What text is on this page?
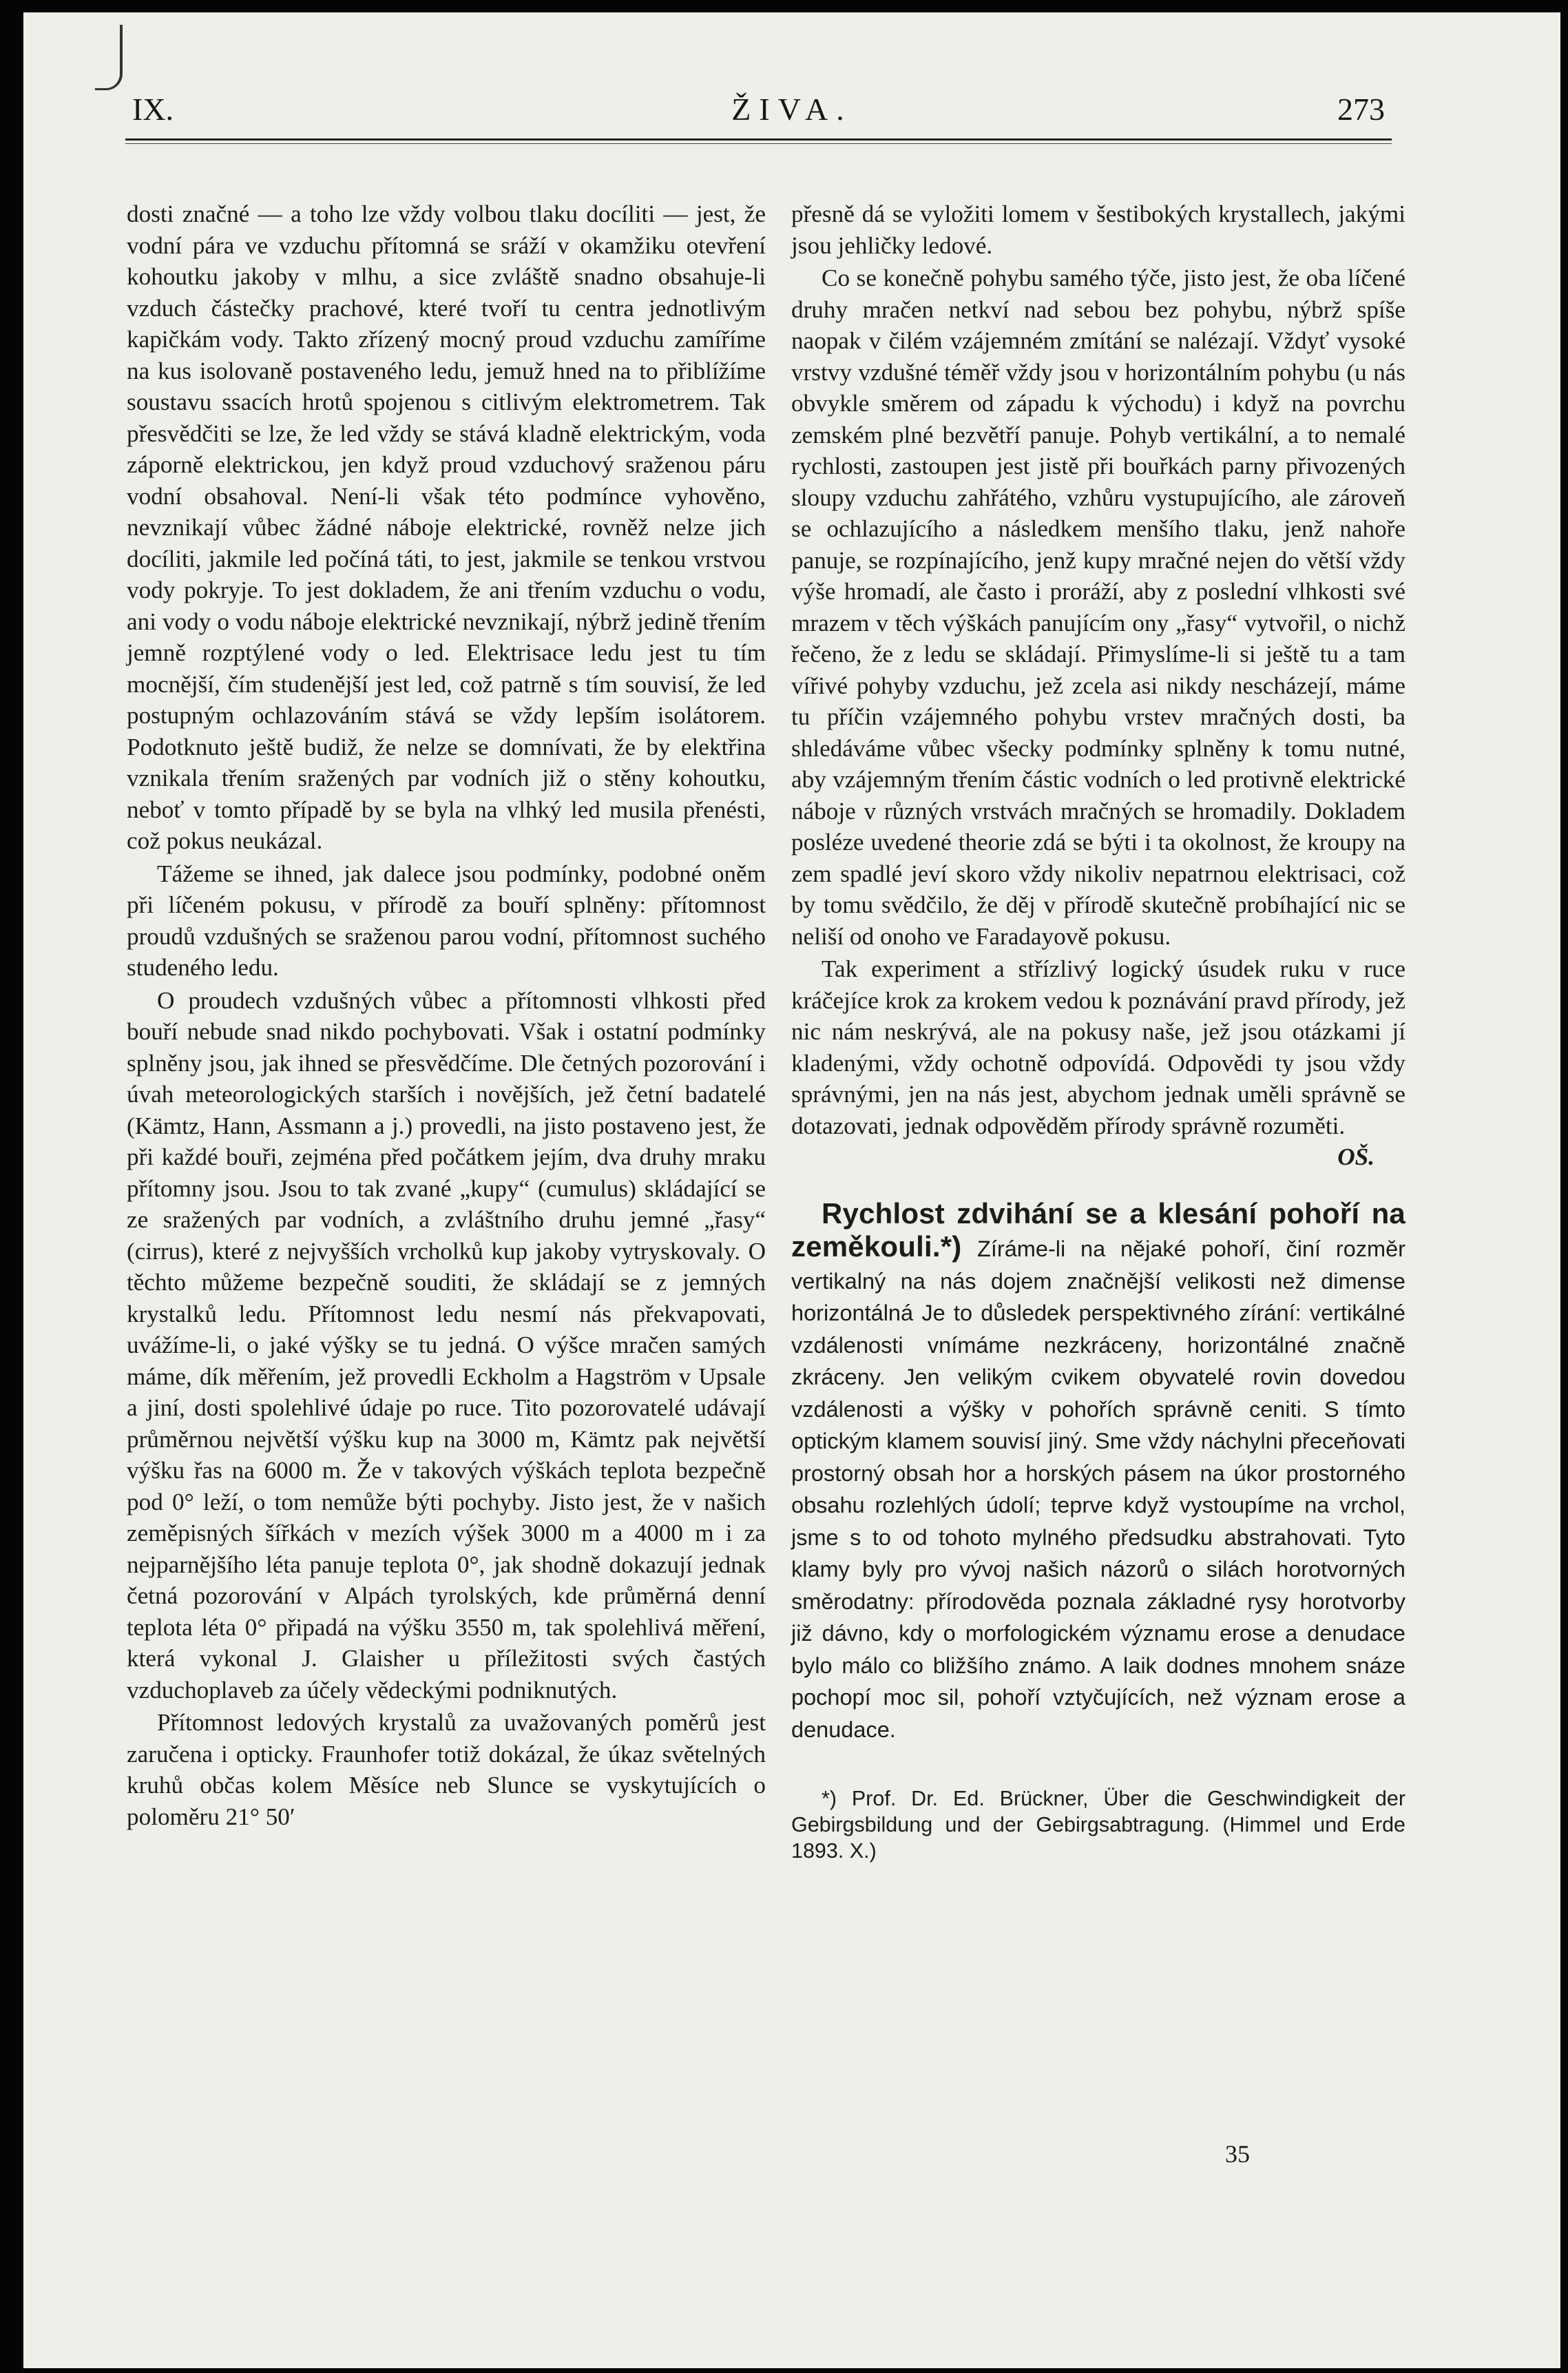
ŽIVA.
IX.	273

dosti značné — a toho lze vždy volbou tlaku docíliti — jest, že vodní pára ve vzduchu přítomná se sráží v okamžiku otevření kohoutku jakoby v mlhu, a sice zvláště snadno obsahuje-li vzduch částečky prachové, které tvoří tu centra jednotlivým kapičkám vody. Takto zřízený mocný proud vzduchu zamíříme na kus isolovaně postaveného ledu, jemuž hned na to přiblížíme soustavu ssacích hrotů spojenou s citlivým elektrometrem. Tak přesvědčiti se lze, že led vždy se stává kladně elektrickým, voda záporně elektrickou, jen když proud vzduchový sraženou páru vodní obsahoval. Není-li však této podmínce vyhověno, nevznikají vůbec žádné náboje elektrické, rovněž nelze jich docíliti, jakmile led počíná táti, to jest, jakmile se tenkou vrstvou vody pokryje. To jest dokladem, že ani třením vzduchu o vodu, ani vody o vodu náboje elektrické nevznikají, nýbrž jedině třením jemně rozptýlené vody o led. Elektrisace ledu jest tu tím mocnější, čím studenější jest led, což patrně s tím souvisí, že led postupným ochlazováním stává se vždy lepším isolátorem. Podotknuto ještě budiž, že nelze se domnívati, že by elektřina vznikala třením sražených par vodních již o stěny kohoutku, neboť v tomto případě by se byla na vlhký led musila přenésti, což pokus neukázal.

Tážeme se ihned, jak dalece jsou podmínky, podobné oněm při líčeném pokusu, v přírodě za bouří splněny: přítomnost proudů vzdušných se sraženou parou vodní, přítomnost suchého studeného ledu.

O proudech vzdušných vůbec a přítomnosti vlhkosti před bouří nebude snad nikdo pochybovati. Však i ostatní podmínky splněny jsou, jak ihned se přesvědčíme. Dle četných pozorování i úvah meteorologických starších i novějších, jež četní badatelé (Kämtz, Hann, Assmann a j.) provedli, na jisto postaveno jest, že při každé bouři, zejména před počátkem jejím, dva druhy mraku přítomny jsou. Jsou to tak zvané „kupy“ (cumulus) skládající se ze sražených par vodních, a zvláštního druhu jemné „řasy“ (cirrus), které z nejvyšších vrcholků kup jakoby vytryskovaly. O těchto můžeme bezpečně souditi, že skládají se z jemných krystalků ledu. Přítomnost ledu nesmí nás překvapovati, uvážíme-li, o jaké výšky se tu jedná. O výšce mračen samých máme, dík měřením, jež provedli Eckholm a Hagström v Upsale a jiní, dosti spolehlivé údaje po ruce. Tito pozorovatelé udávají průměrnou největší výšku kup na 3000 m, Kämtz pak největší výšku řas na 6000 m. Že v takových výškách teplota bezpečně pod 0° leží, o tom nemůže býti pochyby. Jisto jest, že v našich zeměpisných šířkách v mezích výšek 3000 m a 4000 m i za nejparnějšího léta panuje teplota 0°, jak shodně dokazují jednak četná pozorování v Alpách tyrolských, kde průměrná denní teplota léta 0° připadá na výšku 3550 m, tak spolehlivá měření, která vykonal J. Glaisher u příležitosti svých častých vzduchoplaveb za účely vědeckými podniknutých.

Přítomnost ledových krystalů za uvažovaných poměrů jest zaručena i opticky. Fraunhofer totiž dokázal, že úkaz světelných kruhů občas kolem Měsíce neb Slunce se vyskytujících o poloměru 21° 50′

přesně dá se vyložiti lomem v šestibokých krystallech, jakými jsou jehličky ledové.

Co se konečně pohybu samého týče, jisto jest, že oba líčené druhy mračen netkví nad sebou bez pohybu, nýbrž spíše naopak v čilém vzájemném zmítání se nalézají. Vždyť vysoké vrstvy vzdušné téměř vždy jsou v horizontálním pohybu (u nás obvykle směrem od západu k východu) i když na povrchu zemském plné bezvětří panuje. Pohyb vertikální, a to nemalé rychlosti, zastoupen jest jistě při bouřkách parny přivozených sloupy vzduchu zahřátého, vzhůru vystupujícího, ale zároveň se ochlazujícího a následkem menšího tlaku, jenž nahoře panuje, se rozpínajícího, jenž kupy mračné nejen do větší vždy výše hromadí, ale často i proráží, aby z poslední vlhkosti své mrazem v těch výškách panujícím ony „řasy“ vytvořil, o nichž řečeno, že z ledu se skládají. Přimyslíme-li si ještě tu a tam vířivé pohyby vzduchu, jež zcela asi nikdy nescházejí, máme tu příčin vzájemného pohybu vrstev mračných dosti, ba shledáváme vůbec všecky podmínky splněny k tomu nutné, aby vzájemným třením částic vodních o led protivně elektrické náboje v různých vrstvách mračných se hromadily. Dokladem posléze uvedené theorie zdá se býti i ta okolnost, že kroupy na zem spadlé jeví skoro vždy nikoliv nepatrnou elektrisaci, což by tomu svědčilo, že děj v přírodě skutečně probíhající nic se neliší od onoho ve Faradayově pokusu.

Tak experiment a střízlivý logický úsudek ruku v ruce kráčejíce krok za krokem vedou k poznávání pravd přírody, jež nic nám neskrývá, ale na pokusy naše, jež jsou otázkami jí kladenými, vždy ochotně odpovídá. Odpovědi ty jsou vždy správnými, jen na nás jest, abychom jednak uměli správně se dotazovati, jednak odpověděm přírody správně rozuměti.

OŠ.

Rychlost zdvihání se a klesání pohoří na zeměkouli.*) Zíráme-li na nějaké pohoří, činí rozměr vertikalný na nás dojem značnější velikosti než dimense horizontálná Je to důsledek perspektivného zírání: vertikálné vzdálenosti vnímáme nezkráceny, horizontálné značně zkráceny. Jen velikým cvikem obyvatelé rovin dovedou vzdálenosti a výšky v pohořích správně ceniti. S tímto optickým klamem souvisí jiný. Sme vždy náchylni přeceňovati prostorný obsah hor a horských pásem na úkor prostorného obsahu rozlehlých údolí; teprve když vystoupíme na vrchol, jsme s to od tohoto mylného předsudku abstrahovati. Tyto klamy byly pro vývoj našich názorů o silách horotvorných směrodatny: přírodověda poznala základné rysy horotvorby již dávno, kdy o morfologickém významu erose a denudace bylo málo co bližšího známo. A laik dodnes mnohem snáze pochopí moc sil, pohoří vztyčujících, než význam erose a denudace.

*) Prof. Dr. Ed. Brückner, Über die Geschwindigkeit der Gebirgsbildung und der Gebirgsabtragung. (Himmel und Erde 1893. X.)

35
